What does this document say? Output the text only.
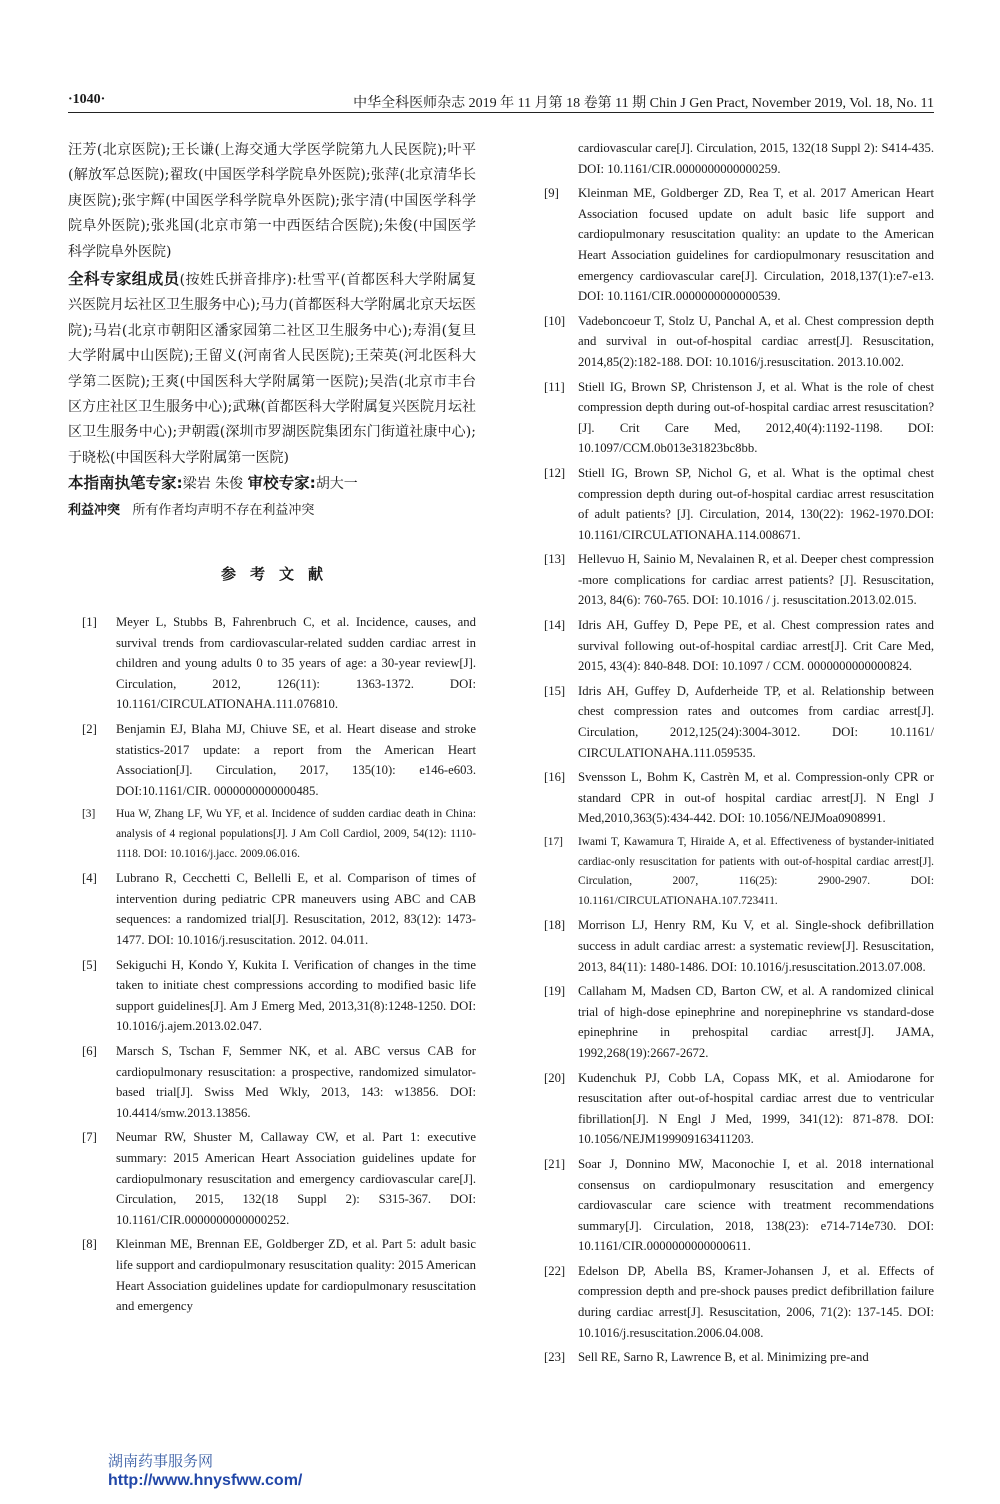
·1040·	中华全科医师杂志 2019 年 11 月第 18 卷第 11 期 Chin J Gen Pract, November 2019, Vol. 18, No. 11

汪芳(北京医院);王长谦(上海交通大学医学院第九人民医院);叶平(解放军总医院);翟玫(中国医学科学院阜外医院);张萍(北京清华长庚医院);张宇辉(中国医学科学院阜外医院);张宇清(中国医学科学院阜外医院);张兆国(北京市第一中西医结合医院);朱俊(中国医学科学院阜外医院)

全科专家组成员(按姓氏拼音排序):杜雪平(首都医科大学附属复兴医院月坛社区卫生服务中心);马力(首都医科大学附属北京天坛医院);马岩(北京市朝阳区潘家园第二社区卫生服务中心);寿涓(复旦大学附属中山医院);王留义(河南省人民医院);王荣英(河北医科大学第二医院);王爽(中国医科大学附属第一医院);吴浩(北京市丰台区方庄社区卫生服务中心);武琳(首都医科大学附属复兴医院月坛社区卫生服务中心);尹朝霞(深圳市罗湖医院集团东门街道社康中心);于晓松(中国医科大学附属第一医院)

本指南执笔专家:梁岩 朱俊 审校专家:胡大一

利益冲突 所有作者均声明不存在利益冲突

参考文献
[1] Meyer L, Stubbs B, Fahrenbruch C, et al. Incidence, causes, and survival trends from cardiovascular-related sudden cardiac arrest in children and young adults 0 to 35 years of age: a 30-year review[J]. Circulation, 2012, 126(11): 1363-1372. DOI: 10.1161/CIRCULATIONAHA.111.076810.
[2] Benjamin EJ, Blaha MJ, Chiuve SE, et al. Heart disease and stroke statistics-2017 update: a report from the American Heart Association[J]. Circulation, 2017, 135(10): e146-e603. DOI:10.1161/CIR. 0000000000000485.
[3] Hua W, Zhang LF, Wu YF, et al. Incidence of sudden cardiac death in China: analysis of 4 regional populations[J]. J Am Coll Cardiol, 2009, 54(12): 1110-1118. DOI: 10.1016/j.jacc. 2009.06.016.
[4] Lubrano R, Cecchetti C, Bellelli E, et al. Comparison of times of intervention during pediatric CPR maneuvers using ABC and CAB sequences: a randomized trial[J]. Resuscitation, 2012, 83(12): 1473-1477. DOI: 10.1016/j.resuscitation. 2012. 04.011.
[5] Sekiguchi H, Kondo Y, Kukita I. Verification of changes in the time taken to initiate chest compressions according to modified basic life support guidelines[J]. Am J Emerg Med, 2013,31(8):1248-1250. DOI: 10.1016/j.ajem.2013.02.047.
[6] Marsch S, Tschan F, Semmer NK, et al. ABC versus CAB for cardiopulmonary resuscitation: a prospective, randomized simulator-based trial[J]. Swiss Med Wkly, 2013, 143: w13856. DOI: 10.4414/smw.2013.13856.
[7] Neumar RW, Shuster M, Callaway CW, et al. Part 1: executive summary: 2015 American Heart Association guidelines update for cardiopulmonary resuscitation and emergency cardiovascular care[J]. Circulation, 2015, 132(18 Suppl 2): S315-367. DOI: 10.1161/CIR.0000000000000252.
[8] Kleinman ME, Brennan EE, Goldberger ZD, et al. Part 5: adult basic life support and cardiopulmonary resuscitation quality: 2015 American Heart Association guidelines update for cardiopulmonary resuscitation and emergency
cardiovascular care[J]. Circulation, 2015, 132(18 Suppl 2): S414-435. DOI: 10.1161/CIR.0000000000000259.
[9] Kleinman ME, Goldberger ZD, Rea T, et al. 2017 American Heart Association focused update on adult basic life support and cardiopulmonary resuscitation quality: an update to the American Heart Association guidelines for cardiopulmonary resuscitation and emergency cardiovascular care[J]. Circulation, 2018,137(1):e7-e13. DOI: 10.1161/CIR.0000000000000539.
[10] Vadeboncoeur T, Stolz U, Panchal A, et al. Chest compression depth and survival in out-of-hospital cardiac arrest[J]. Resuscitation, 2014,85(2):182-188. DOI: 10.1016/j.resuscitation. 2013.10.002.
[11] Stiell IG, Brown SP, Christenson J, et al. What is the role of chest compression depth during out-of-hospital cardiac arrest resuscitation?[J]. Crit Care Med, 2012,40(4):1192-1198. DOI: 10.1097/CCM.0b013e31823bc8bb.
[12] Stiell IG, Brown SP, Nichol G, et al. What is the optimal chest compression depth during out-of-hospital cardiac arrest resuscitation of adult patients? [J]. Circulation, 2014, 130(22): 1962-1970.DOI: 10.1161/CIRCULATIONAHA.114.008671.
[13] Hellevuo H, Sainio M, Nevalainen R, et al. Deeper chest compression -more complications for cardiac arrest patients? [J]. Resuscitation, 2013, 84(6): 760-765. DOI: 10.1016 / j. resuscitation.2013.02.015.
[14] Idris AH, Guffey D, Pepe PE, et al. Chest compression rates and survival following out-of-hospital cardiac arrest[J]. Crit Care Med, 2015, 43(4): 840-848. DOI: 10.1097 / CCM. 0000000000000824.
[15] Idris AH, Guffey D, Aufderheide TP, et al. Relationship between chest compression rates and outcomes from cardiac arrest[J]. Circulation, 2012,125(24):3004-3012. DOI: 10.1161/ CIRCULATIONAHA.111.059535.
[16] Svensson L, Bohm K, Castrèn M, et al. Compression-only CPR or standard CPR in out-of hospital cardiac arrest[J]. N Engl J Med,2010,363(5):434-442. DOI: 10.1056/NEJMoa0908991.
[17] Iwami T, Kawamura T, Hiraide A, et al. Effectiveness of bystander-initiated cardiac-only resuscitation for patients with out-of-hospital cardiac arrest[J]. Circulation, 2007, 116(25): 2900-2907. DOI: 10.1161/CIRCULATIONAHA.107.723411.
[18] Morrison LJ, Henry RM, Ku V, et al. Single-shock defibrillation success in adult cardiac arrest: a systematic review[J]. Resuscitation, 2013, 84(11): 1480-1486. DOI: 10.1016/j.resuscitation.2013.07.008.
[19] Callaham M, Madsen CD, Barton CW, et al. A randomized clinical trial of high-dose epinephrine and norepinephrine vs standard-dose epinephrine in prehospital cardiac arrest[J]. JAMA, 1992,268(19):2667-2672.
[20] Kudenchuk PJ, Cobb LA, Copass MK, et al. Amiodarone for resuscitation after out-of-hospital cardiac arrest due to ventricular fibrillation[J]. N Engl J Med, 1999, 341(12): 871-878. DOI: 10.1056/NEJM199909163411203.
[21] Soar J, Donnino MW, Maconochie I, et al. 2018 international consensus on cardiopulmonary resuscitation and emergency cardiovascular care science with treatment recommendations summary[J]. Circulation, 2018, 138(23): e714-714e730. DOI: 10.1161/CIR.0000000000000611.
[22] Edelson DP, Abella BS, Kramer-Johansen J, et al. Effects of compression depth and pre-shock pauses predict defibrillation failure during cardiac arrest[J]. Resuscitation, 2006, 71(2): 137-145. DOI: 10.1016/j.resuscitation.2006.04.008.
[23] Sell RE, Sarno R, Lawrence B, et al. Minimizing pre-and
湖南药事服务网
http://www.hnysfww.com/
